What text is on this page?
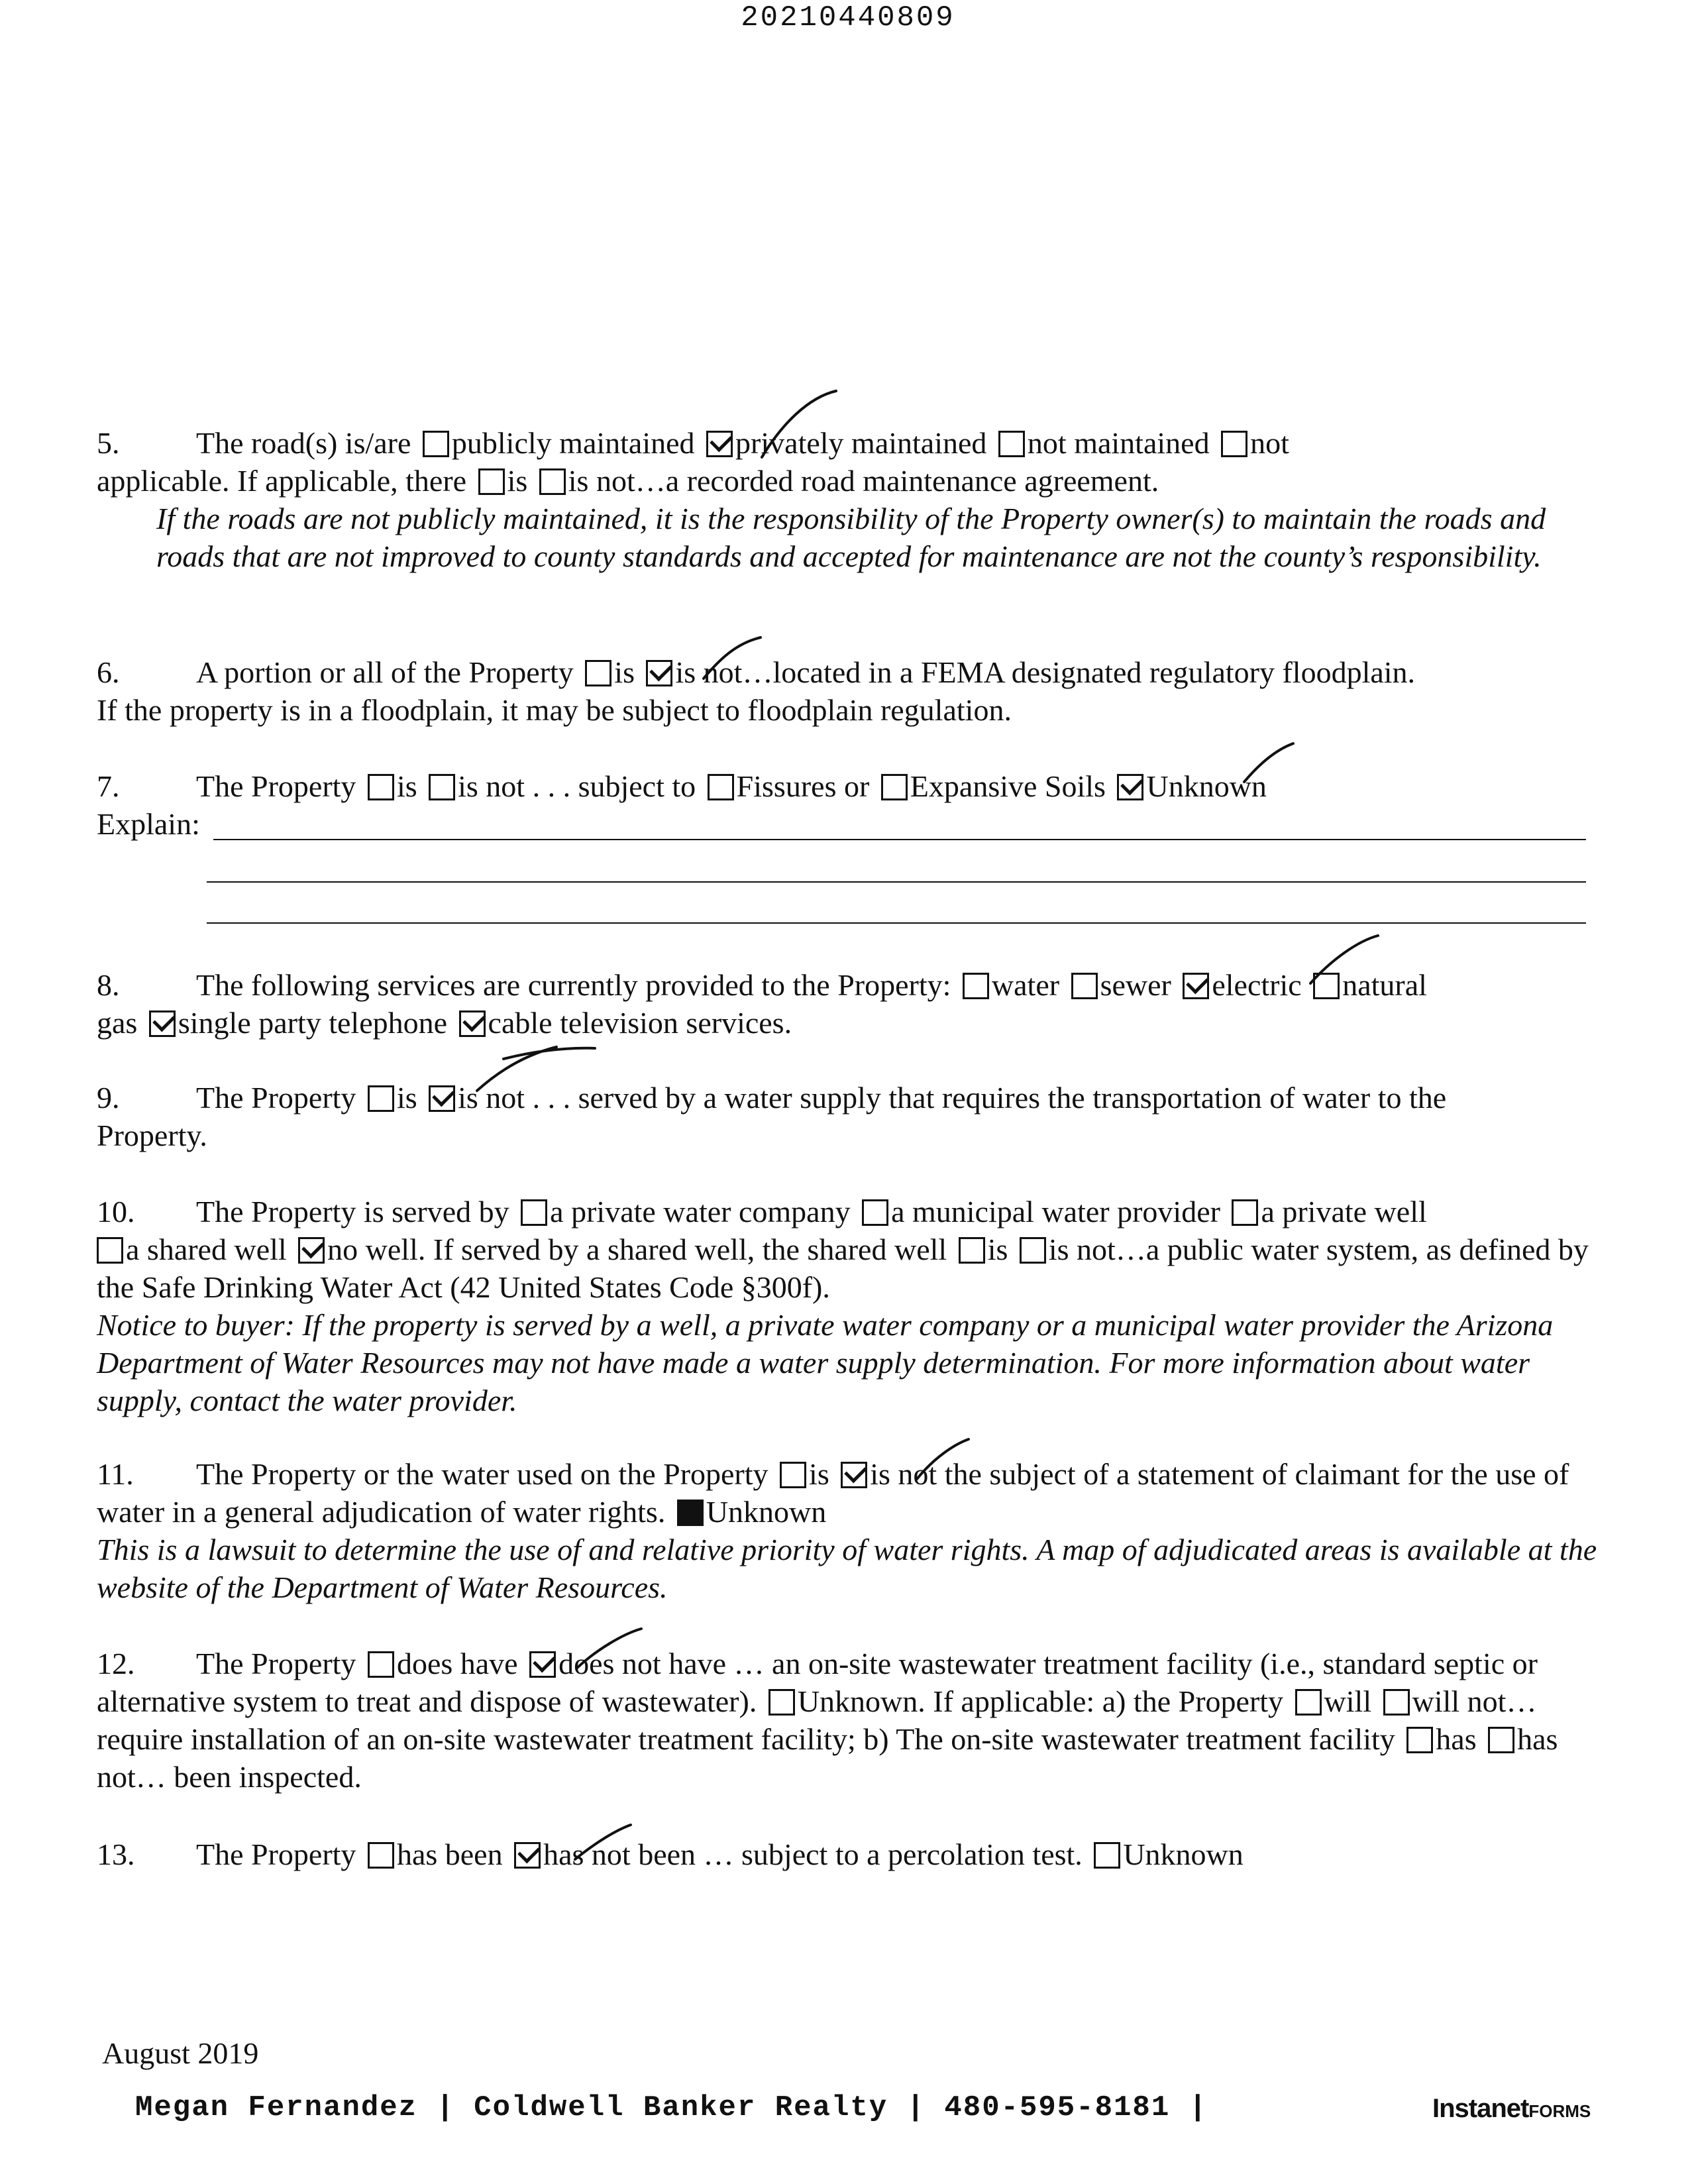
20210440809
5.	The road(s) is/are publicly maintained privately maintained not maintained not
applicable. If applicable, there is is not…a recorded road maintenance agreement.
If the roads are not publicly maintained, it is the responsibility of the Property owner(s) to maintain the roads and roads that are not improved to county standards and accepted for maintenance are not the county’s responsibility.
6.	A portion or all of the Property is is not…located in a FEMA designated regulatory floodplain.
If the property is in a floodplain, it may be subject to floodplain regulation.
7.	The Property is is not . . . subject to Fissures or Expansive Soils Unknown
Explain:
8.	The following services are currently provided to the Property: water sewer electric natural
gas single party telephone cable television services.
9.	The Property is is not . . . served by a water supply that requires the transportation of water to the
Property.
10. The Property is served by a private water company a municipal water provider a private well
a shared well no well. If served by a shared well, the shared well is is not…a public water system, as defined by the Safe Drinking Water Act (42 United States Code §300f).
Notice to buyer: If the property is served by a well, a private water company or a municipal water provider the Arizona Department of Water Resources may not have made a water supply determination. For more information about water supply, contact the water provider.
11. The Property or the water used on the Property is is not the subject of a statement of claimant for the use of water in a general adjudication of water rights. Unknown
This is a lawsuit to determine the use of and relative priority of water rights. A map of adjudicated areas is available at the website of the Department of Water Resources.
12. The Property does have does not have … an on-site wastewater treatment facility (i.e., standard septic or alternative system to treat and dispose of wastewater). Unknown. If applicable: a) the Property will will not…require installation of an on-site wastewater treatment facility; b) The on-site wastewater treatment facility has has not… been inspected.
13. The Property has been has not been … subject to a percolation test. Unknown
August 2019
Megan Fernandez | Coldwell Banker Realty | 480-595-8181 |	InstanetFORMS
